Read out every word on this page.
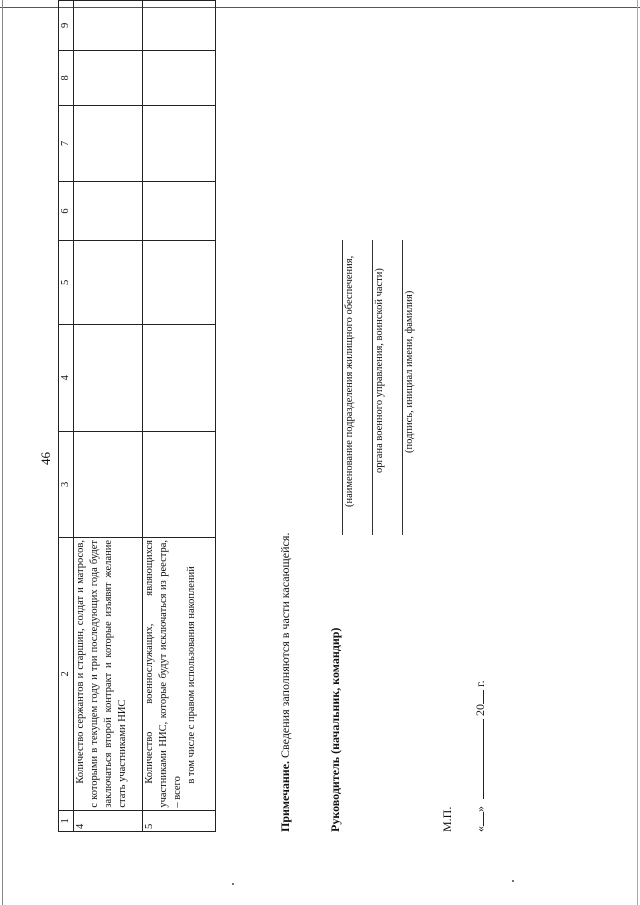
46
1	2	3	4	5	6	7	8	9
4	Количество сержантов и старшин, солдат и матросов, с которыми в текущем году и три последующих года будет заключаться второй контракт и которые изъявят желание стать участниками НИС							

5	Количество военнослужащих, являющихся участниками НИС, которые будут исключаться из реестра, – всего
в том числе с правом использования накоплений							

Примечание. Сведения заполняются в части касающейся.	Руководитель (начальник, командир)
(наименование подразделения жилищного обеспечения, органа военного управления, воинской части) (подпись, инициал имени, фамилия)
М.П. «»  20 г.
